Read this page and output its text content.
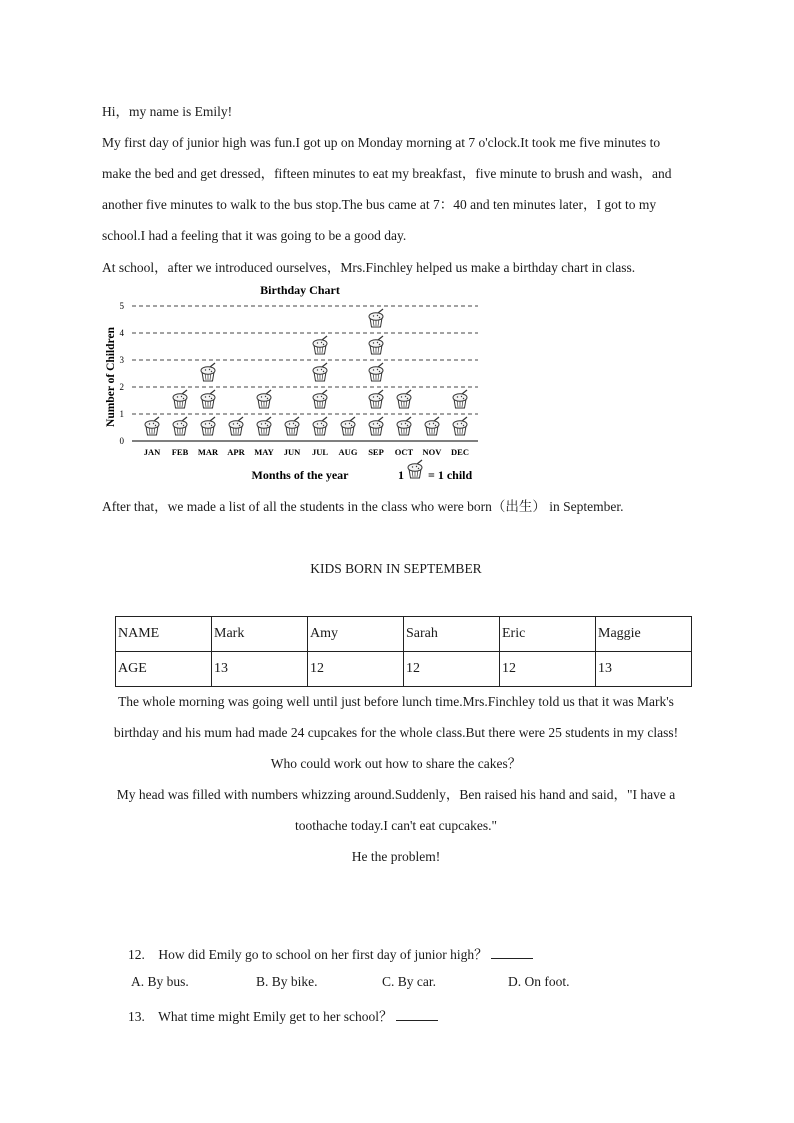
Hi，my name is Emily!
My first day of junior high was fun.I got up on Monday morning at 7 o'clock.It took me five minutes to
make the bed and get dressed，fifteen minutes to eat my breakfast，five minute to brush and wash，and
another five minutes to walk to the bus stop.The bus came at 7：40 and ten minutes later，I got to my
school.I had a feeling that it was going to be a good day.
At school，after we introduced ourselves，Mrs.Finchley helped us make a birthday chart in class.
Birthday Chart
Number of Children
0
1
2
3
4
5
JAN FEB MAR APR MAY JUN JUL AUG SEP OCT NOV DEC
Months of the year	1 = 1 child
After that，we made a list of all the students in the class who were born（出生） in September.
KIDS BORN IN SEPTEMBER
NAME	Mark	Amy	Sarah	Eric	Maggie
AGE	13	12	12	12	13
The whole morning was going well until just before lunch time.Mrs.Finchley told us that it was Mark's
birthday and his mum had made 24 cupcakes for the whole class.But there were 25 students in my class!
Who could work out how to share the cakes？
My head was filled with numbers whizzing around.Suddenly，Ben raised his hand and said，"I have a
toothache today.I can't eat cupcakes."
He the problem!
12. How did Emily go to school on her first day of junior high？
A. By bus.	B. By bike.	C. By car.	D. On foot.
13. What time might Emily get to her school？
